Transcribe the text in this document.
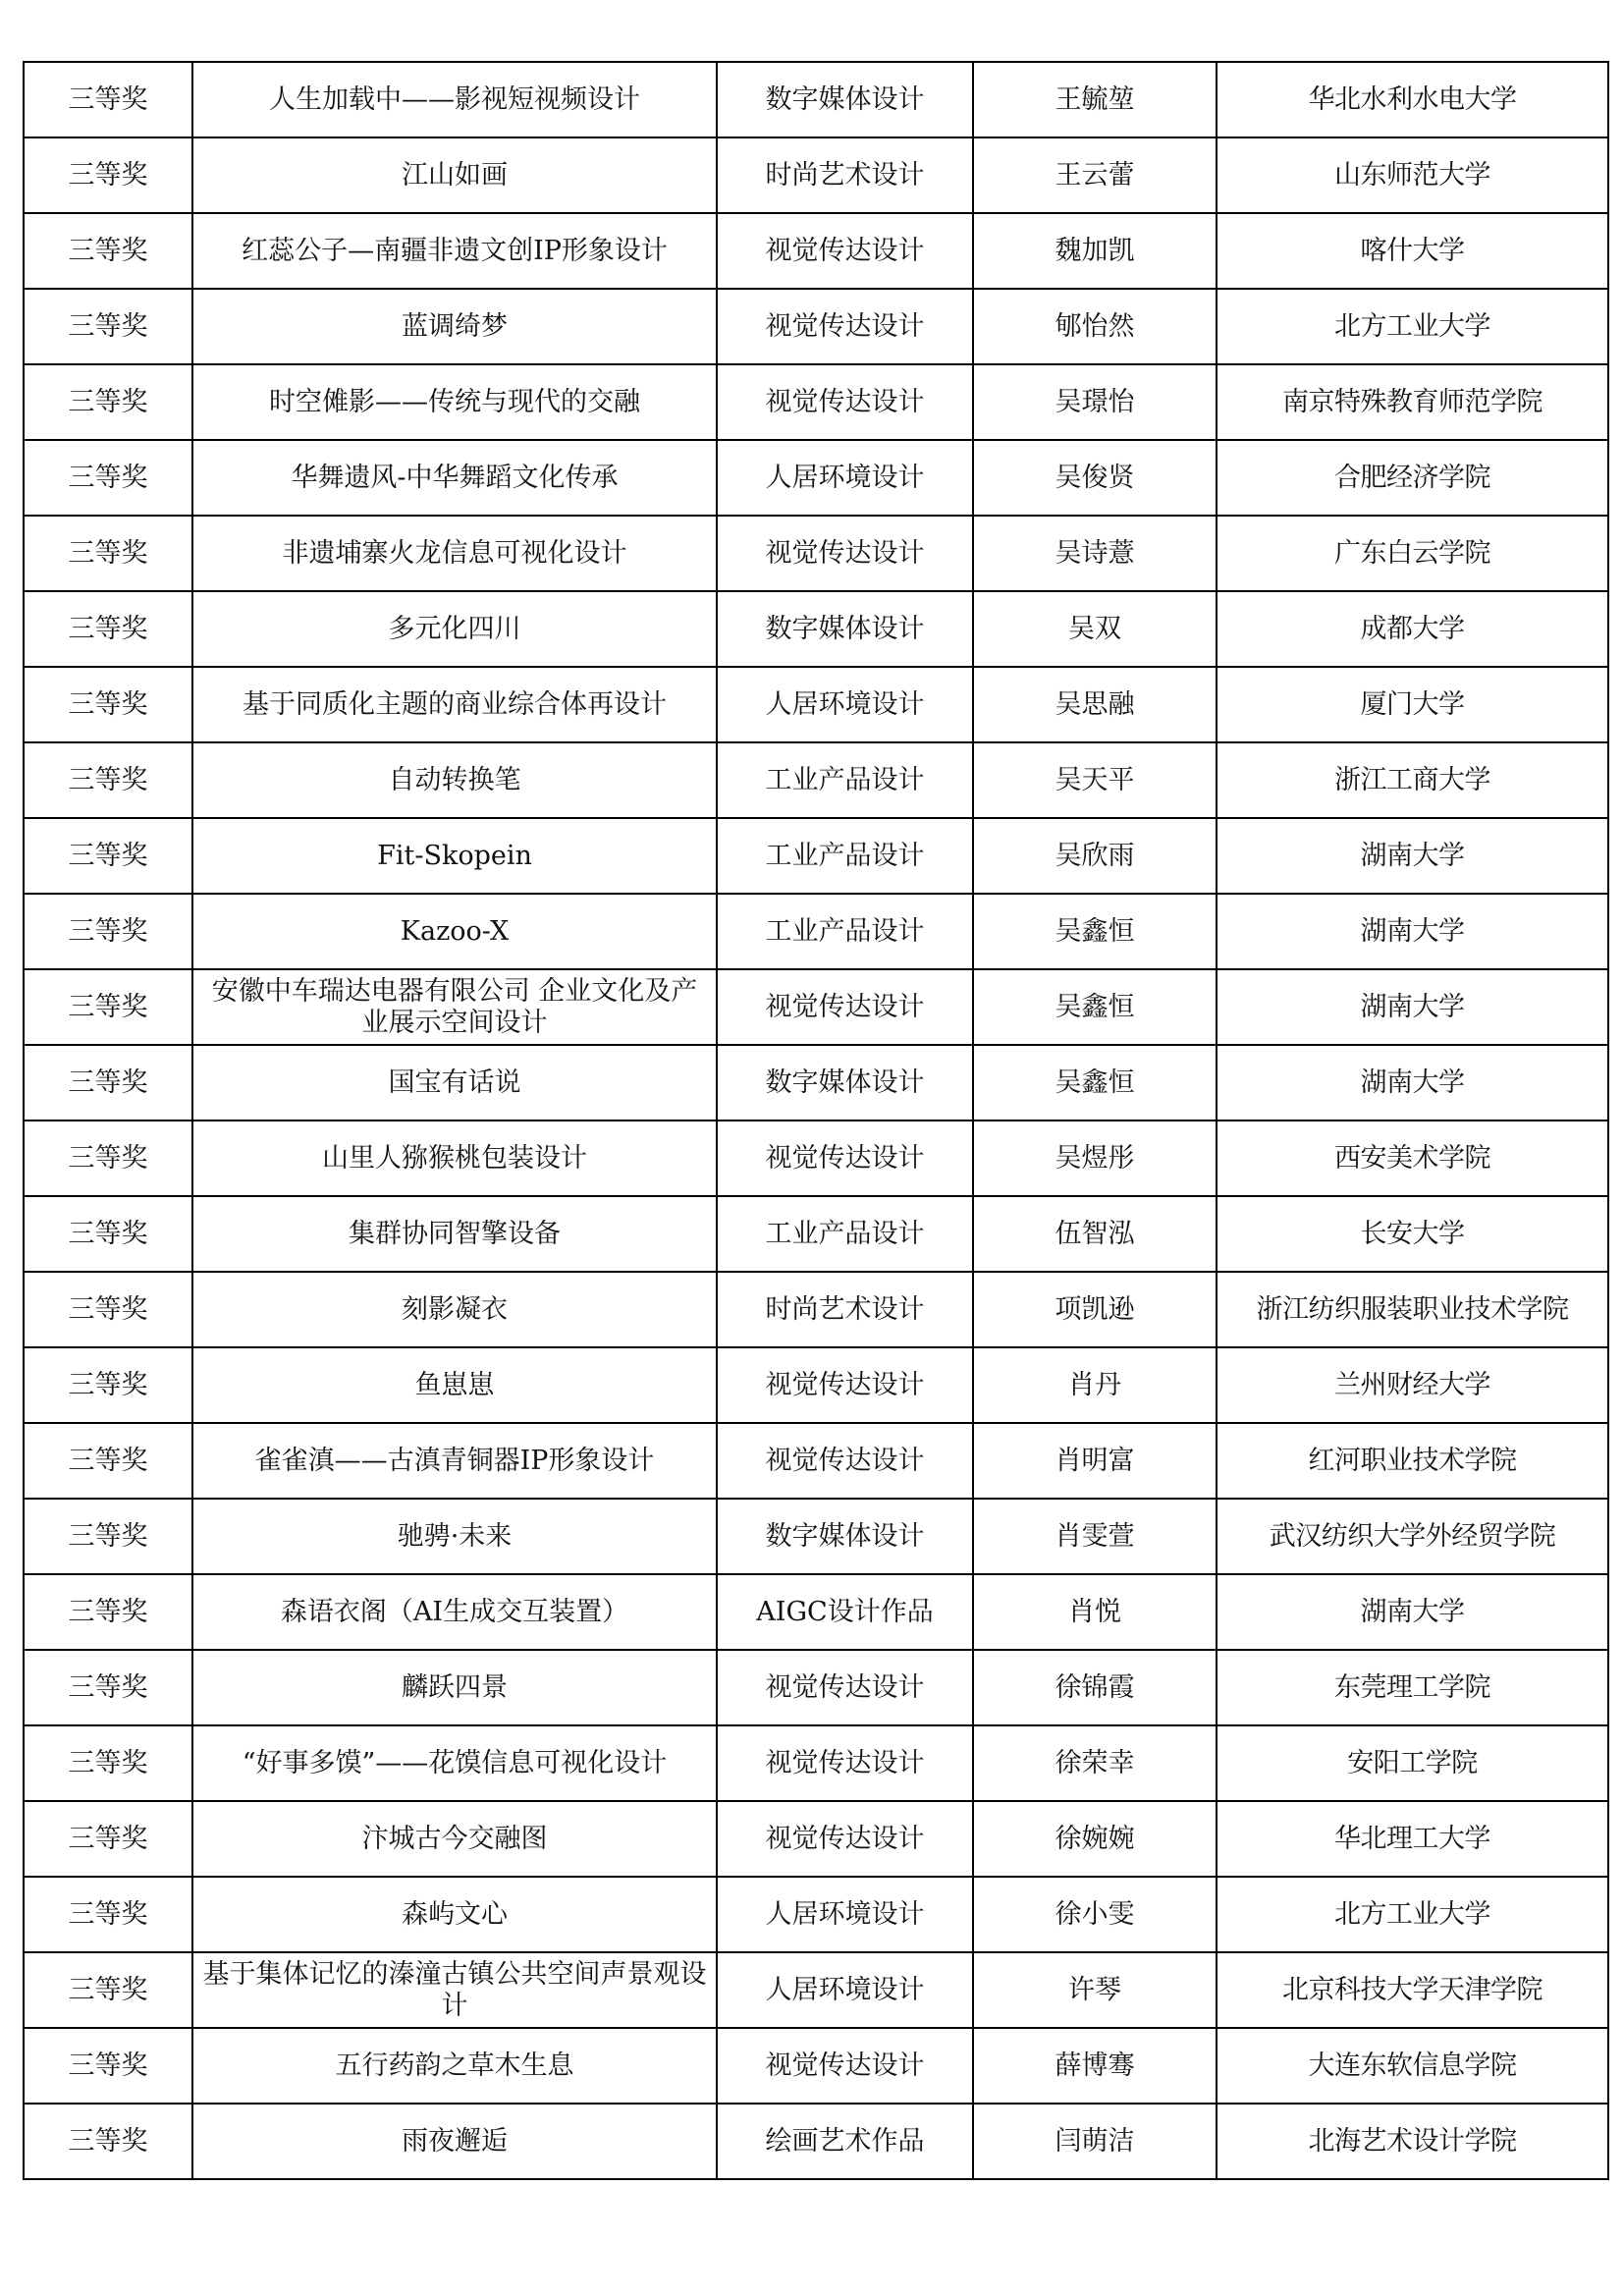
三等奖	人生加载中——影视短视频设计	数字媒体设计	王毓堃	华北水利水电大学
三等奖	江山如画	时尚艺术设计	王云蕾	山东师范大学
三等奖	红蕊公子—南疆非遗文创IP形象设计	视觉传达设计	魏加凯	喀什大学
三等奖	蓝调绮梦	视觉传达设计	郇怡然	北方工业大学
三等奖	时空傩影——传统与现代的交融	视觉传达设计	吴璟怡	南京特殊教育师范学院
三等奖	华舞遗风-中华舞蹈文化传承	人居环境设计	吴俊贤	合肥经济学院
三等奖	非遗埔寨火龙信息可视化设计	视觉传达设计	吴诗薏	广东白云学院
三等奖	多元化四川	数字媒体设计	吴双	成都大学
三等奖	基于同质化主题的商业综合体再设计	人居环境设计	吴思融	厦门大学
三等奖	自动转换笔	工业产品设计	吴天平	浙江工商大学
三等奖	Fit-Skopein	工业产品设计	吴欣雨	湖南大学
三等奖	Kazoo-X	工业产品设计	吴鑫恒	湖南大学
三等奖	安徽中车瑞达电器有限公司 企业文化及产业展示空间设计	视觉传达设计	吴鑫恒	湖南大学
三等奖	国宝有话说	数字媒体设计	吴鑫恒	湖南大学
三等奖	山里人猕猴桃包装设计	视觉传达设计	吴煜彤	西安美术学院
三等奖	集群协同智擎设备	工业产品设计	伍智泓	长安大学
三等奖	刻影凝衣	时尚艺术设计	项凯逊	浙江纺织服装职业技术学院
三等奖	鱼崽崽	视觉传达设计	肖丹	兰州财经大学
三等奖	雀雀滇——古滇青铜器IP形象设计	视觉传达设计	肖明富	红河职业技术学院
三等奖	驰骋·未来	数字媒体设计	肖雯萱	武汉纺织大学外经贸学院
三等奖	森语衣阁（AI生成交互装置）	AIGC设计作品	肖悦	湖南大学
三等奖	麟跃四景	视觉传达设计	徐锦霞	东莞理工学院
三等奖	“好事多馍”——花馍信息可视化设计	视觉传达设计	徐荣幸	安阳工学院
三等奖	汴城古今交融图	视觉传达设计	徐婉婉	华北理工大学
三等奖	森屿文心	人居环境设计	徐小雯	北方工业大学
三等奖	基于集体记忆的溱潼古镇公共空间声景观设计	人居环境设计	许琴	北京科技大学天津学院
三等奖	五行药韵之草木生息	视觉传达设计	薛博骞	大连东软信息学院
三等奖	雨夜邂逅	绘画艺术作品	闫萌洁	北海艺术设计学院
